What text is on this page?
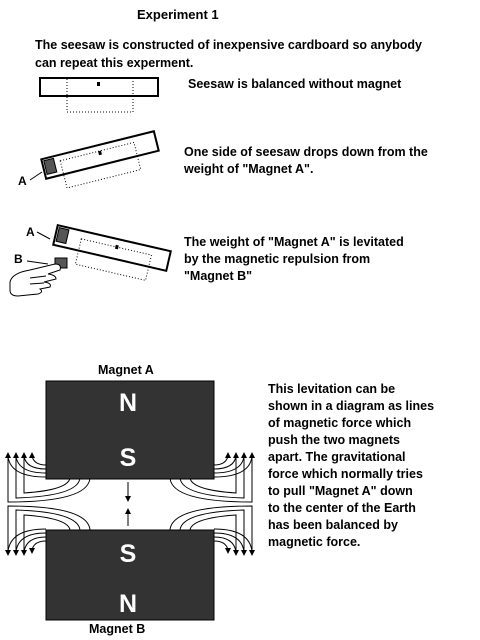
Experiment 1

The seesaw is constructed of inexpensive cardboard so anybody
can repeat this experment.

Seesaw is balanced without magnet

One side of seesaw drops down from the
weight of "Magnet A".

The weight of "Magnet A" is levitated
by the magnetic repulsion from
"Magnet B"

A

A

B

Magnet A

Magnet B

N
S
S
N

This levitation can be
shown in a diagram as lines
of magnetic force which
push the two magnets
apart. The gravitational
force which normally tries
to pull "Magnet A" down
to the center of the Earth
has been balanced by
magnetic force.
